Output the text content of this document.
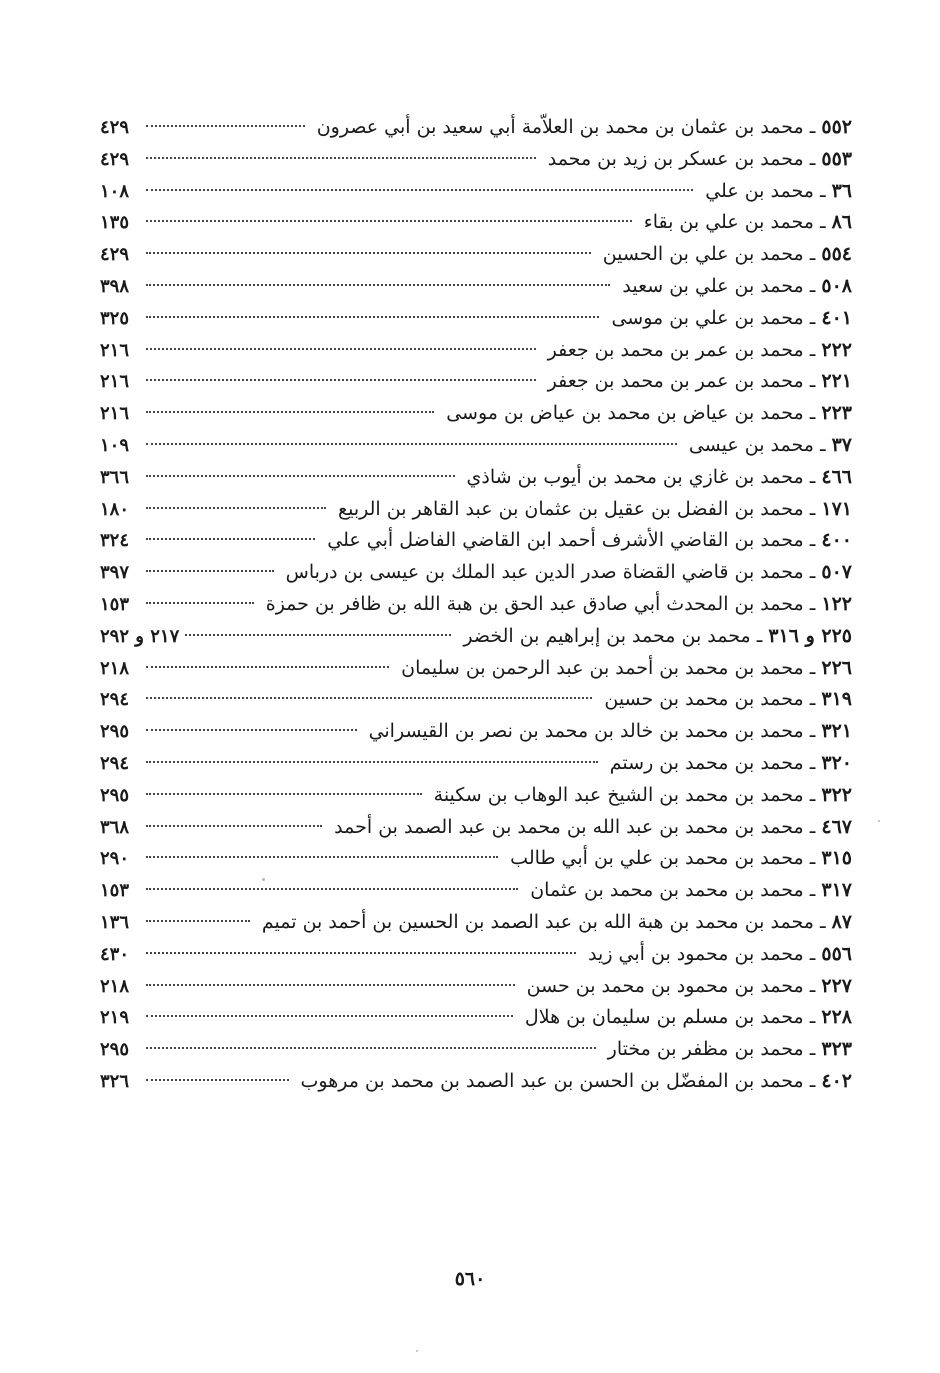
٥٥٢ ـ محمد بن عثمان بن محمد بن العلاّمة أبي سعيد بن أبي عصرون
٤٢٩
٥٥٣ ـ محمد بن عسكر بن زيد بن محمد
٤٢٩
٣٦ ـ محمد بن علي
١٠٨
٨٦ ـ محمد بن علي بن بقاء
١٣٥
٥٥٤ ـ محمد بن علي بن الحسين
٤٢٩
٥٠٨ ـ محمد بن علي بن سعيد
٣٩٨
٤٠١ ـ محمد بن علي بن موسى
٣٢٥
٢٢٢ ـ محمد بن عمر بن محمد بن جعفر
٢١٦
٢٢١ ـ محمد بن عمر بن محمد بن جعفر
٢١٦
٢٢٣ ـ محمد بن عياض بن محمد بن عياض بن موسى
٢١٦
٣٧ ـ محمد بن عيسى
١٠٩
٤٦٦ ـ محمد بن غازي بن محمد بن أيوب بن شاذي
٣٦٦
١٧١ ـ محمد بن الفضل بن عقيل بن عثمان بن عبد القاهر بن الربيع
١٨٠
٤٠٠ ـ محمد بن القاضي الأشرف أحمد ابن القاضي الفاضل أبي علي
٣٢٤
٥٠٧ ـ محمد بن قاضي القضاة صدر الدين عبد الملك بن عيسى بن درباس
٣٩٧
١٢٢ ـ محمد بن المحدث أبي صادق عبد الحق بن هبة الله بن ظافر بن حمزة
١٥٣
٢٢٥ و ٣١٦ ـ محمد بن محمد بن إبراهيم بن الخضر
٢١٧ و ٢٩٢
٢٢٦ ـ محمد بن محمد بن أحمد بن عبد الرحمن بن سليمان
٢١٨
٣١٩ ـ محمد بن محمد بن حسين
٢٩٤
٣٢١ ـ محمد بن محمد بن خالد بن محمد بن نصر بن القيسراني
٢٩٥
٣٢٠ ـ محمد بن محمد بن رستم
٢٩٤
٣٢٢ ـ محمد بن محمد بن الشيخ عبد الوهاب بن سكينة
٢٩٥
٤٦٧ ـ محمد بن محمد بن عبد الله بن محمد بن عبد الصمد بن أحمد
٣٦٨
٣١٥ ـ محمد بن محمد بن علي بن أبي طالب
٢٩٠
٣١٧ ـ محمد بن محمد بن محمد بن عثمان
١٥٣
٨٧ ـ محمد بن محمد بن هبة الله بن عبد الصمد بن الحسين بن أحمد بن تميم
١٣٦
٥٥٦ ـ محمد بن محمود بن أبي زيد
٤٣٠
٢٢٧ ـ محمد بن محمود بن محمد بن حسن
٢١٨
٢٢٨ ـ محمد بن مسلم بن سليمان بن هلال
٢١٩
٣٢٣ ـ محمد بن مظفر بن مختار
٢٩٥
٤٠٢ ـ محمد بن المفضّل بن الحسن بن عبد الصمد بن محمد بن مرهوب
٣٢٦
٥٦٠
